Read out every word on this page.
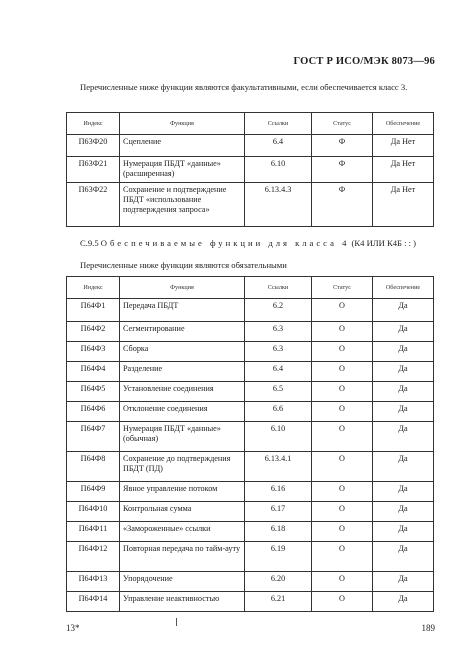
ГОСТ Р ИСО/МЭК 8073—96
Перечисленные ниже функции являются факультативными, если обеспечивается класс 3.
Индекс	Функция	Ссылки	Статус	Обеспечение
П63Ф20	Сцепление	6.4	Ф	Да Нет
П63Ф21	Нумерация ПБДТ «данные» (расширенная)	6.10	Ф	Да Нет
П63Ф22	Сохранение и подтверждение ПБДТ «использование подтверждения запроса»	6.13.4.3	Ф	Да Нет
С.9.5 Обеспечиваемые функции для класса 4 (К4 ИЛИ К4Б : : )
Перечисленные ниже функции являются обязательными
Индекс	Функция	Ссылки	Статус	Обеспечение
П64Ф1	Передача ПБДТ	6.2	О	Да
П64Ф2	Сегментирование	6.3	О	Да
П64Ф3	Сборка	6.3	О	Да
П64Ф4	Разделение	6.4	О	Да
П64Ф5	Установление соединения	6.5	О	Да
П64Ф6	Отклонение соединения	6.6	О	Да
П64Ф7	Нумерация ПБДТ «данные» (обычная)	6.10	О	Да
П64Ф8	Сохранение до подтверждения ПБДТ (ПД)	6.13.4.1	О	Да
П64Ф9	Явное управление потоком	6.16	О	Да
П64Ф10	Контрольная сумма	6.17	О	Да
П64Ф11	«Замороженные» ссылки	6.18	О	Да
П64Ф12	Повторная передача по тайм-ауту	6.19	О	Да
П64Ф13	Упорядочение	6.20	О	Да
П64Ф14	Управление неактивностью	6.21	О	Да
13*	189
